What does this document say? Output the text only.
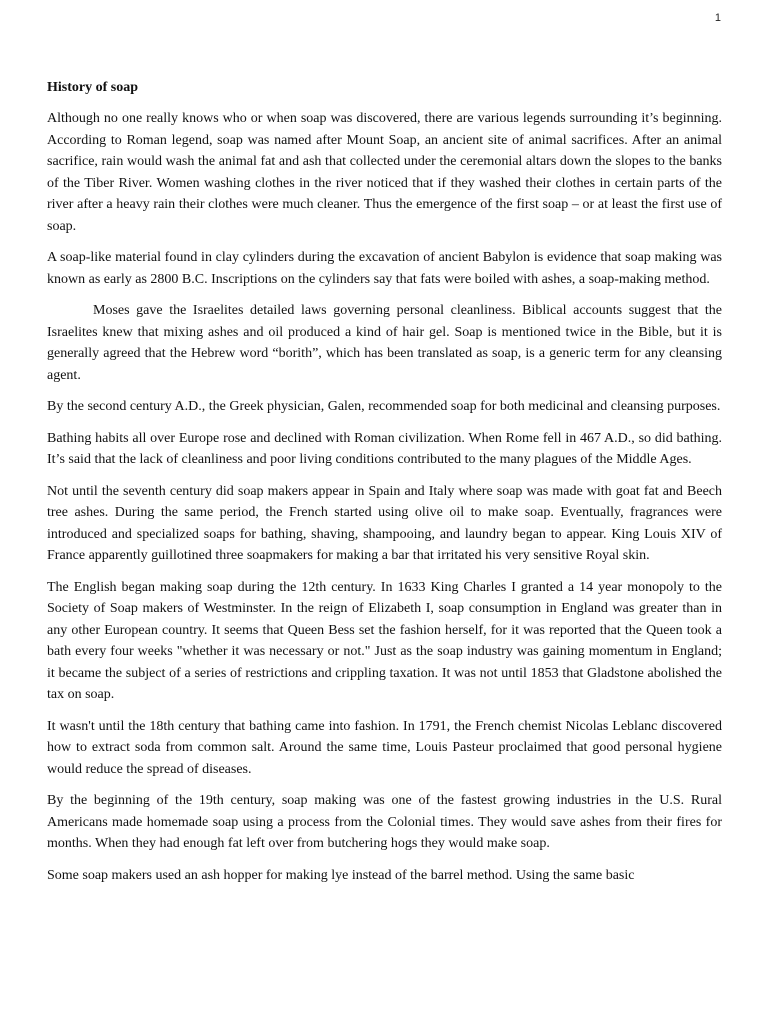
1
History of soap

Although no one really knows who or when soap was discovered, there are various legends surrounding it’s beginning. According to Roman legend, soap was named after Mount Soap, an ancient site of animal sacrifices. After an animal sacrifice, rain would wash the animal fat and ash that collected under the ceremonial altars down the slopes to the banks of the Tiber River. Women washing clothes in the river noticed that if they washed their clothes in certain parts of the river after a heavy rain their clothes were much cleaner. Thus the emergence of the first soap – or at least the first use of soap.

A soap-like material found in clay cylinders during the excavation of ancient Babylon is evidence that soap making was known as early as 2800 B.C. Inscriptions on the cylinders say that fats were boiled with ashes, a soap-making method.

Moses gave the Israelites detailed laws governing personal cleanliness. Biblical accounts suggest that the Israelites knew that mixing ashes and oil produced a kind of hair gel. Soap is mentioned twice in the Bible, but it is generally agreed that the Hebrew word “borith”, which has been translated as soap, is a generic term for any cleansing agent.

By the second century A.D., the Greek physician, Galen, recommended soap for both medicinal and cleansing purposes.

Bathing habits all over Europe rose and declined with Roman civilization. When Rome fell in 467 A.D., so did bathing. It’s said that the lack of cleanliness and poor living conditions contributed to the many plagues of the Middle Ages.

Not until the seventh century did soap makers appear in Spain and Italy where soap was made with goat fat and Beech tree ashes. During the same period, the French started using olive oil to make soap. Eventually, fragrances were introduced and specialized soaps for bathing, shaving, shampooing, and laundry began to appear. King Louis XIV of France apparently guillotined three soapmakers for making a bar that irritated his very sensitive Royal skin.

The English began making soap during the 12th century. In 1633 King Charles I granted a 14 year monopoly to the Society of Soap makers of Westminster. In the reign of Elizabeth I, soap consumption in England was greater than in any other European country. It seems that Queen Bess set the fashion herself, for it was reported that the Queen took a bath every four weeks "whether it was necessary or not." Just as the soap industry was gaining momentum in England; it became the subject of a series of restrictions and crippling taxation. It was not until 1853 that Gladstone abolished the tax on soap.

It wasn't until the 18th century that bathing came into fashion. In 1791, the French chemist Nicolas Leblanc discovered how to extract soda from common salt. Around the same time, Louis Pasteur proclaimed that good personal hygiene would reduce the spread of diseases.

By the beginning of the 19th century, soap making was one of the fastest growing industries in the U.S. Rural Americans made homemade soap using a process from the Colonial times. They would save ashes from their fires for months. When they had enough fat left over from butchering hogs they would make soap.

Some soap makers used an ash hopper for making lye instead of the barrel method. Using the same basic
